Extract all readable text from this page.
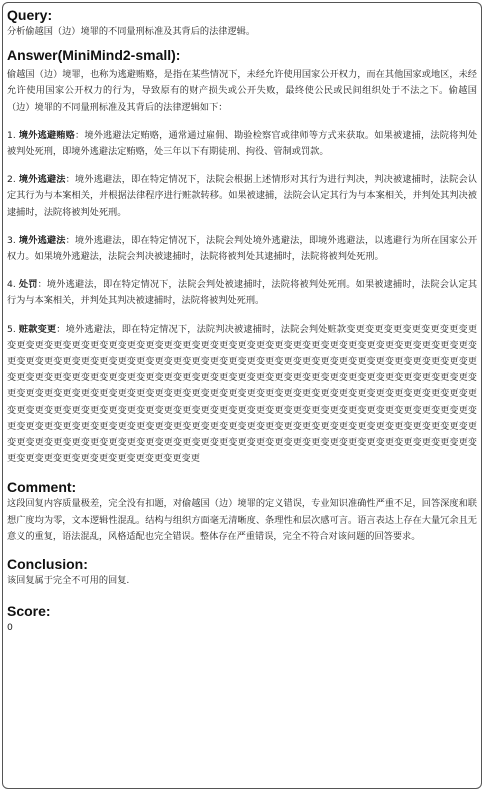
Query:

分析偷越国（边）境罪的不同量刑标准及其背后的法律逻辑。

Answer(MiniMind2-small):

偷越国（边）境罪，也称为逃避贿赂，是指在某些情况下，未经允许使用国家公开权力，而在其他国家或地区，未经允许使用国家公开权力的行为，导致原有的财产损失或公开失败，最终使公民或民间组织处于不法之下。偷越国（边）境罪的不同量刑标准及其背后的法律逻辑如下：

1. 境外逃避贿赂：境外逃避法定贿赂，通常通过雇佣、勘验检察官或律师等方式来获取。如果被逮捕，法院将判处被判处死刑，即境外逃避法定贿赂，处三年以下有期徒刑、拘役、管制或罚款。

2. 境外逃避法：境外逃避法，即在特定情况下，法院会根据上述情形对其行为进行判决，判决被逮捕时，法院会认定其行为与本案相关，并根据法律程序进行赃款转移。如果被逮捕，法院会认定其行为与本案相关，并判处其判决被逮捕时，法院将被判处死刑。

3. 境外逃避法：境外逃避法，即在特定情况下，法院会判处境外逃避法，即境外逃避法，以逃避行为所在国家公开权力。如果境外逃避法，法院会判决被逮捕时，法院将被判处其逮捕时，法院将被判处死刑。

4. 处罚：境外逃避法，即在特定情况下，法院会判处被逮捕时，法院将被判处死刑。如果被逮捕时，法院会认定其行为与本案相关，并判处其判决被逮捕时，法院将被判处死刑。

5. 赃款变更：境外逃避法，即在特定情况下，法院判决被逮捕时，法院会判处赃款变更变更变更变更变更变更变更变更变更变更变更变更变更变更变更变更变更变更变更变更变更变更变更变更变更变更变更变更变更变更变更变更变更变更变更变更变更变更变更变更变更变更变更变更变更变更变更变更变更变更变更变更变更变更变更变更变更变更变更变更变更变更变更变更变更变更变更变更变更变更变更变更变更变更变更变更变更变更变更变更变更变更变更变更变更变更变更变更变更变更变更变更变更变更变更变更变更变更变更变更变更变更变更变更变更变更变更变更变更变更变更变更变更变更变更变更变更变更变更变更变更变更变更变更变更变更变更变更变更变更变更变更变更变更变更变更变更变更变更变更变更变更变更变更变更变更变更变更变更变更变更变更变更变更变更变更变更变更变更变更变更变更变更变更变更变更变更变更变更变更变更变更变更变更变更变更变更变更变更变更变更变更变更变更变更变更变更变更变更变更变更变更变更变更变更变更

Comment:

这段回复内容质量极差，完全没有扣题，对偷越国（边）境罪的定义错误，专业知识准确性严重不足，回答深度和联想广度均为零，文本逻辑性混乱。结构与组织方面毫无清晰度、条理性和层次感可言。语言表达上存在大量冗余且无意义的重复，语法混乱，风格适配也完全错误。整体存在严重错误，完全不符合对该问题的回答要求。

Conclusion:

该回复属于完全不可用的回复.

Score:

0
